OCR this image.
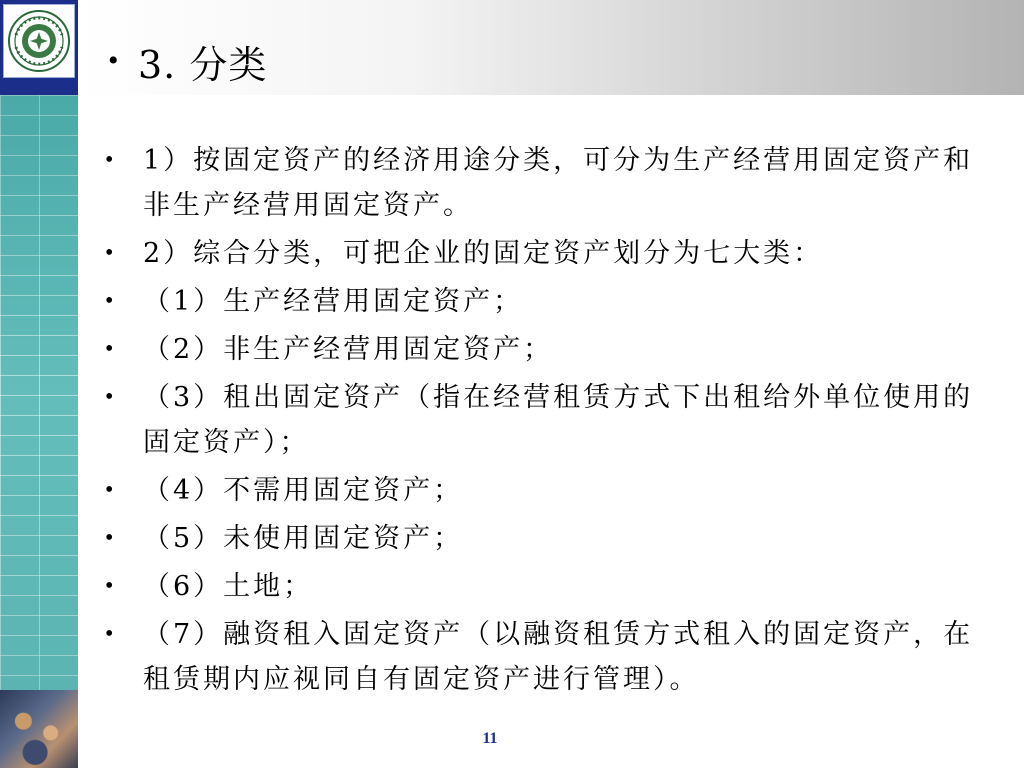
• 3. 分类
• 1）按固定资产的经济用途分类，可分为生产经营用固定资产和非生产经营用固定资产。
• 2）综合分类，可把企业的固定资产划分为七大类：
• （1）生产经营用固定资产；
• （2）非生产经营用固定资产；
• （3）租出固定资产（指在经营租赁方式下出租给外单位使用的固定资产）；
• （4）不需用固定资产；
• （5）未使用固定资产；
• （6）土地；
• （7）融资租入固定资产（以融资租赁方式租入的固定资产，在租赁期内应视同自有固定资产进行管理）。
11
